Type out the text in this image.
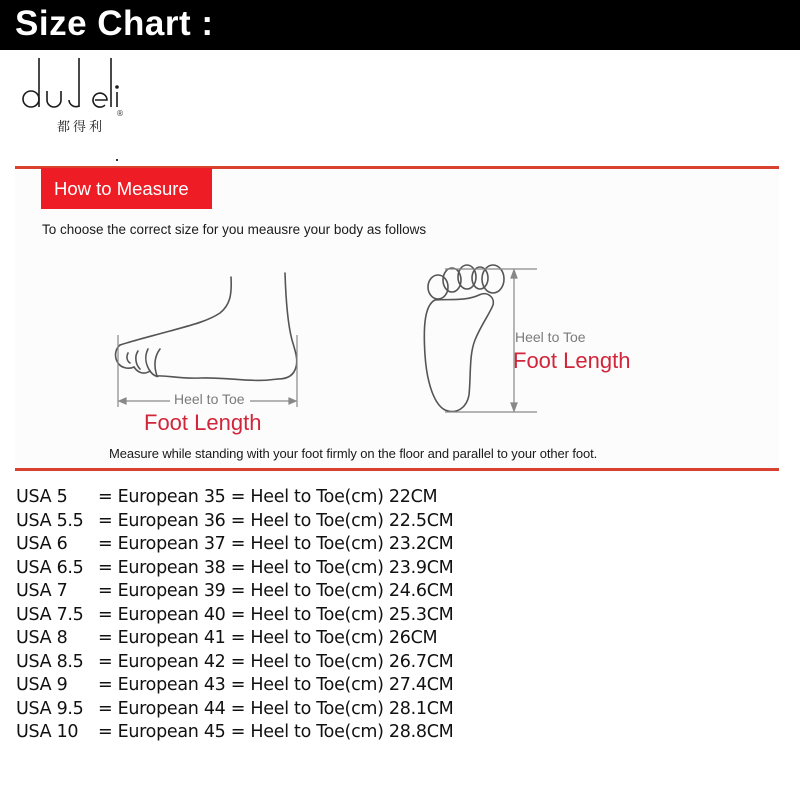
Size Chart :
都得利
®
How to Measure
To choose the correct size for you meausre your body as follows
Heel to Toe
Foot Length
Heel to Toe
Foot Length
Measure while standing with your foot firmly on the floor and parallel to your other foot.
USA 5 = European 35 = Heel to Toe(cm) 22CM
USA 5.5 = European 36 = Heel to Toe(cm) 22.5CM
USA 6 = European 37 = Heel to Toe(cm) 23.2CM
USA 6.5 = European 38 = Heel to Toe(cm) 23.9CM
USA 7 = European 39 = Heel to Toe(cm) 24.6CM
USA 7.5 = European 40 = Heel to Toe(cm) 25.3CM
USA 8 = European 41 = Heel to Toe(cm) 26CM
USA 8.5 = European 42 = Heel to Toe(cm) 26.7CM
USA 9 = European 43 = Heel to Toe(cm) 27.4CM
USA 9.5 = European 44 = Heel to Toe(cm) 28.1CM
USA 10 = European 45 = Heel to Toe(cm) 28.8CM
